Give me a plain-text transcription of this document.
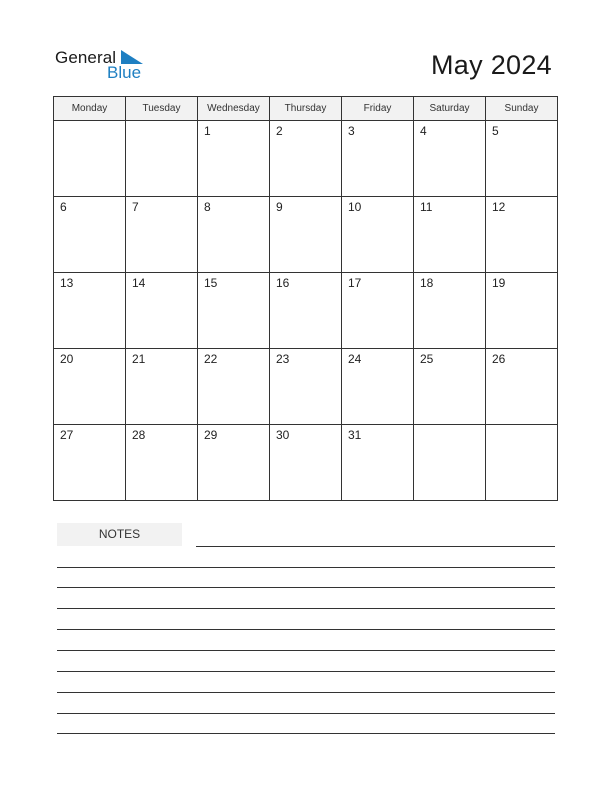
General
Blue	May 2024
Monday	Tuesday	Wednesday	Thursday	Friday	Saturday	Sunday

		1	2	3	4	5

6	7	8	9	10	11	12

13	14	15	16	17	18	19

20	21	22	23	24	25	26

27	28	29	30	31		

NOTES
